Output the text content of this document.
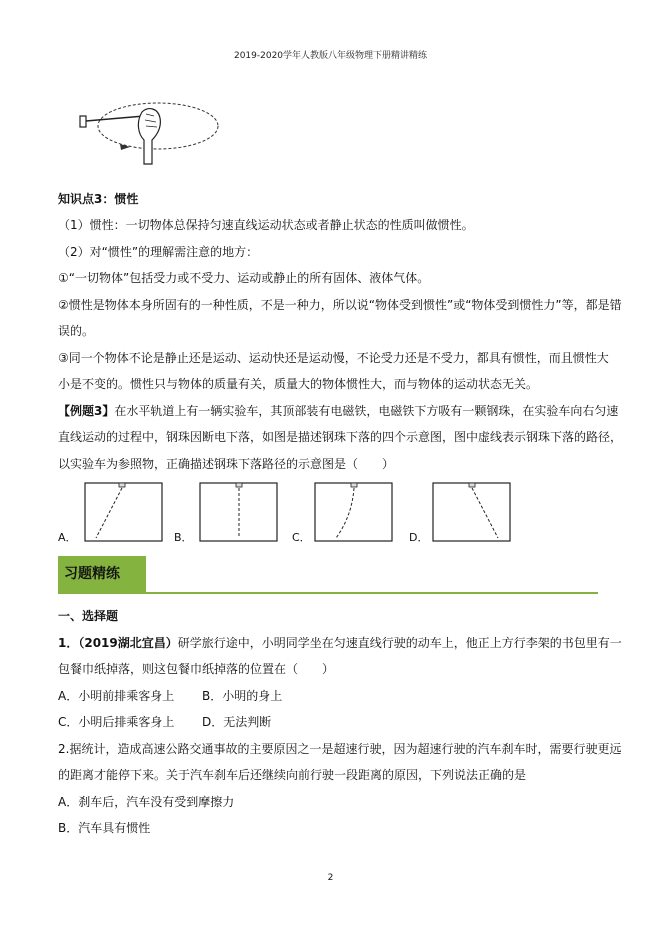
2019-2020学年人教版八年级物理下册精讲精练
知识点3：惯性
（1）惯性：一切物体总保持匀速直线运动状态或者静止状态的性质叫做惯性。
（2）对“惯性”的理解需注意的地方：
①“一切物体”包括受力或不受力、运动或静止的所有固体、液体气体。
②惯性是物体本身所固有的一种性质，不是一种力，所以说“物体受到惯性”或“物体受到惯性力”等，都是错
误的。
③同一个物体不论是静止还是运动、运动快还是运动慢，不论受力还是不受力，都具有惯性，而且惯性大
小是不变的。惯性只与物体的质量有关，质量大的物体惯性大，而与物体的运动状态无关。
【例题3】在水平轨道上有一辆实验车，其顶部装有电磁铁，电磁铁下方吸有一颗钢珠，在实验车向右匀速
直线运动的过程中，钢珠因断电下落，如图是描述钢珠下落的四个示意图，图中虚线表示钢珠下落的路径，
以实验车为参照物，正确描述钢珠下落路径的示意图是（　　）
A．	B．	C．	D．
习题精练
一、选择题
1．（2019湖北宜昌）研学旅行途中，小明同学坐在匀速直线行驶的动车上，他正上方行李架的书包里有一
包餐巾纸掉落，则这包餐巾纸掉落的位置在（　　）
A．小明前排乘客身上 B．小明的身上
C．小明后排乘客身上 D．无法判断
2.据统计，造成高速公路交通事故的主要原因之一是超速行驶，因为超速行驶的汽车刹车时，需要行驶更远
的距离才能停下来。关于汽车刹车后还继续向前行驶一段距离的原因，下列说法正确的是
A．刹车后，汽车没有受到摩擦力
B．汽车具有惯性
2
